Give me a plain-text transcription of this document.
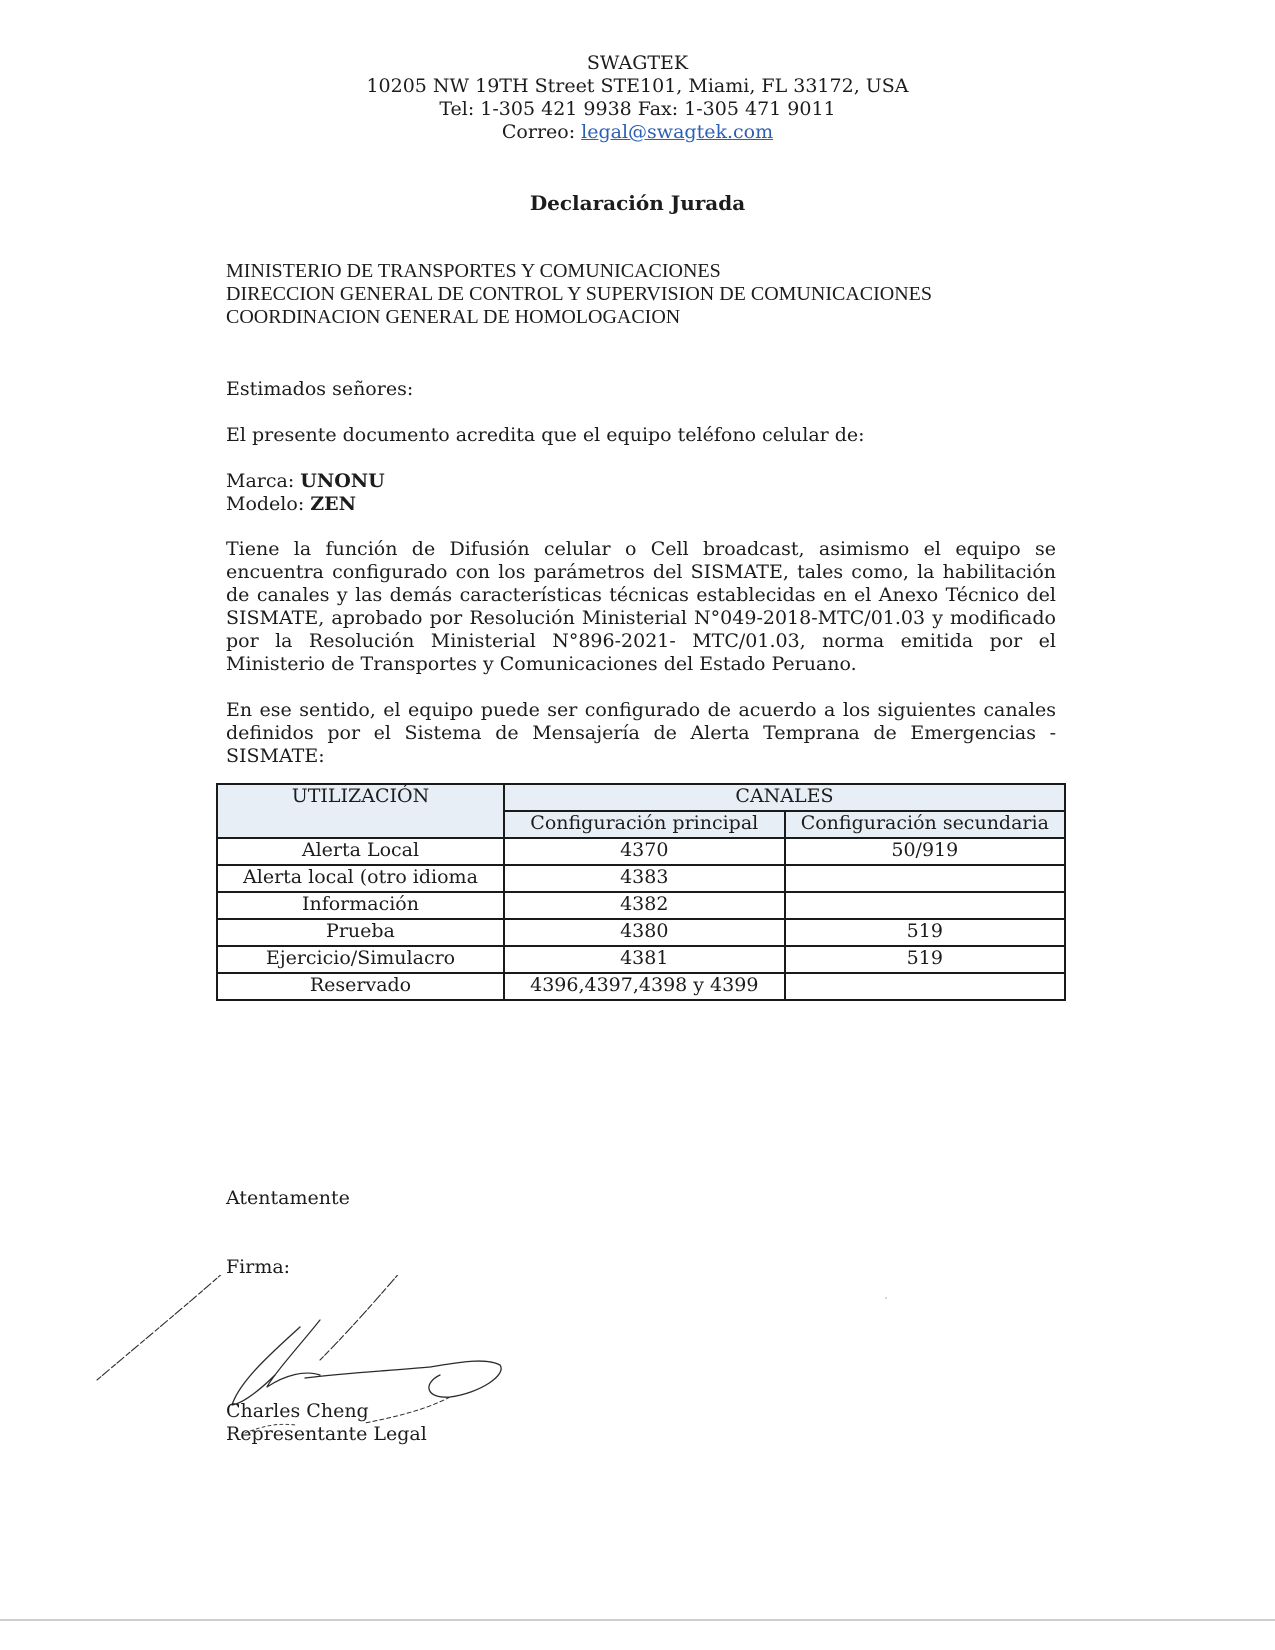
SWAGTEK
10205 NW 19TH Street STE101, Miami, FL 33172, USA
Tel: 1-305 421 9938 Fax: 1-305 471 9011
Correo: legal@swagtek.com
Declaración Jurada
MINISTERIO DE TRANSPORTES Y COMUNICACIONES
DIRECCION GENERAL DE CONTROL Y SUPERVISION DE COMUNICACIONES
COORDINACION GENERAL DE HOMOLOGACION
Estimados señores:
El presente documento acredita que el equipo teléfono celular de:
Marca: UNONU
Modelo: ZEN
Tiene la función de Difusión celular o Cell broadcast, asimismo el equipo se encuentra configurado con los parámetros del SISMATE, tales como, la habilitación de canales y las demás características técnicas establecidas en el Anexo Técnico del SISMATE, aprobado por Resolución Ministerial N°049-2018-MTC/01.03 y modificado por la Resolución Ministerial N°896-2021- MTC/01.03, norma emitida por el Ministerio de Transportes y Comunicaciones del Estado Peruano.
En ese sentido, el equipo puede ser configurado de acuerdo a los siguientes canales definidos por el Sistema de Mensajería de Alerta Temprana de Emergencias -SISMATE:
UTILIZACIÓN	CANALES	
	Configuración principal	Configuración secundaria
Alerta Local	4370	50/919
Alerta local (otro idioma	4383	
Información	4382	
Prueba	4380	519
Ejercicio/Simulacro	4381	519
Reservado	4396,4397,4398 y 4399	
Atentamente
Firma:
Charles Cheng
Representante Legal
